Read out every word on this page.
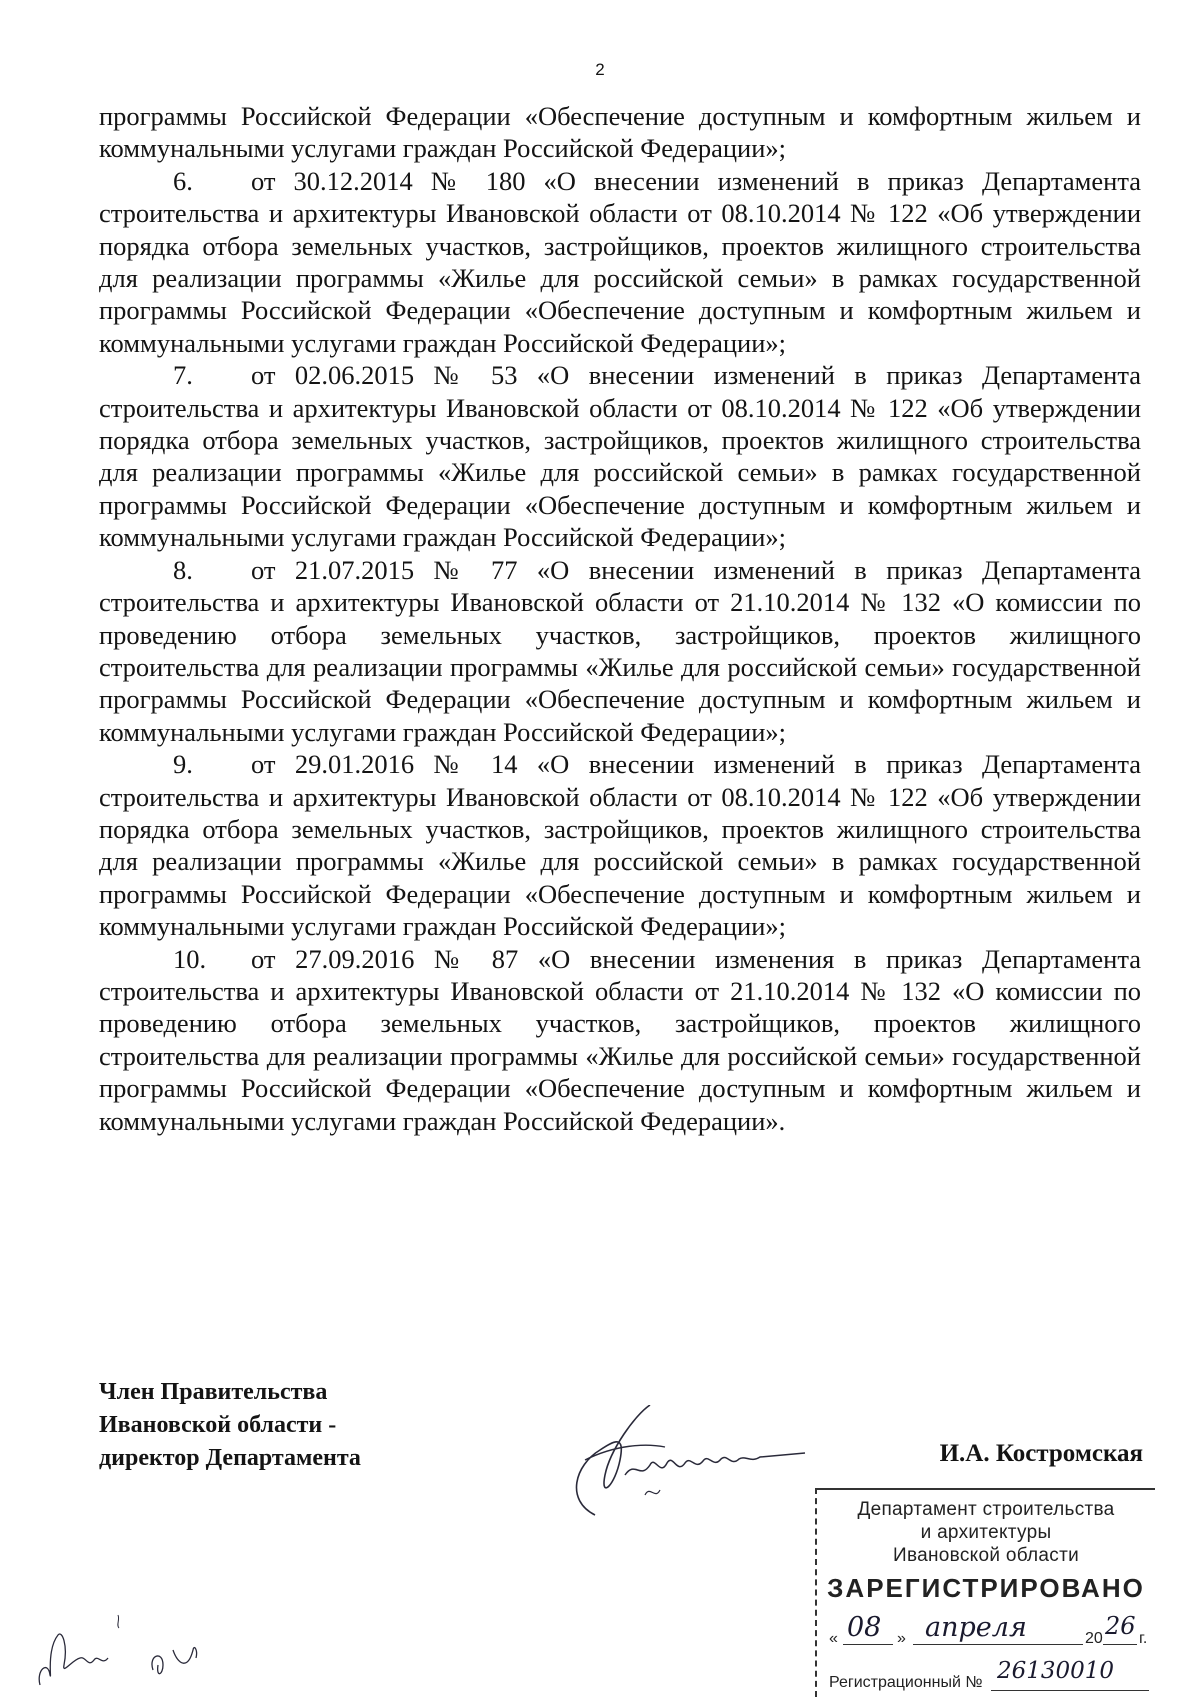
2

программы Российской Федерации «Обеспечение доступным и комфортным жильем и коммунальными услугами граждан Российской Федерации»;

6. от 30.12.2014 № 180 «О внесении изменений в приказ Департамента строительства и архитектуры Ивановской области от 08.10.2014 № 122 «Об утверждении порядка отбора земельных участков, застройщиков, проектов жилищного строительства для реализации программы «Жилье для российской семьи» в рамках государственной программы Российской Федерации «Обеспечение доступным и комфортным жильем и коммунальными услугами граждан Российской Федерации»;

7. от 02.06.2015 № 53 «О внесении изменений в приказ Департамента строительства и архитектуры Ивановской области от 08.10.2014 № 122 «Об утверждении порядка отбора земельных участков, застройщиков, проектов жилищного строительства для реализации программы «Жилье для российской семьи» в рамках государственной программы Российской Федерации «Обеспечение доступным и комфортным жильем и коммунальными услугами граждан Российской Федерации»;

8. от 21.07.2015 № 77 «О внесении изменений в приказ Департамента строительства и архитектуры Ивановской области от 21.10.2014 № 132 «О комиссии по проведению отбора земельных участков, застройщиков, проектов жилищного строительства для реализации программы «Жилье для российской семьи» государственной программы Российской Федерации «Обеспечение доступным и комфортным жильем и коммунальными услугами граждан Российской Федерации»;

9. от 29.01.2016 № 14 «О внесении изменений в приказ Департамента строительства и архитектуры Ивановской области от 08.10.2014 № 122 «Об утверждении порядка отбора земельных участков, застройщиков, проектов жилищного строительства для реализации программы «Жилье для российской семьи» в рамках государственной программы Российской Федерации «Обеспечение доступным и комфортным жильем и коммунальными услугами граждан Российской Федерации»;

10. от 27.09.2016 № 87 «О внесении изменения в приказ Департамента строительства и архитектуры Ивановской области от 21.10.2014 № 132 «О комиссии по проведению отбора земельных участков, застройщиков, проектов жилищного строительства для реализации программы «Жилье для российской семьи» государственной программы Российской Федерации «Обеспечение доступным и комфортным жильем и коммунальными услугами граждан Российской Федерации».

Член Правительства
Ивановской области -
директор Департамента	И.А. Костромская
Департамент строительства
и архитектуры
Ивановской области
ЗАРЕГИСТРИРОВАНО
« 08 » апреля	20 26 г.
Регистрационный № 26130010
